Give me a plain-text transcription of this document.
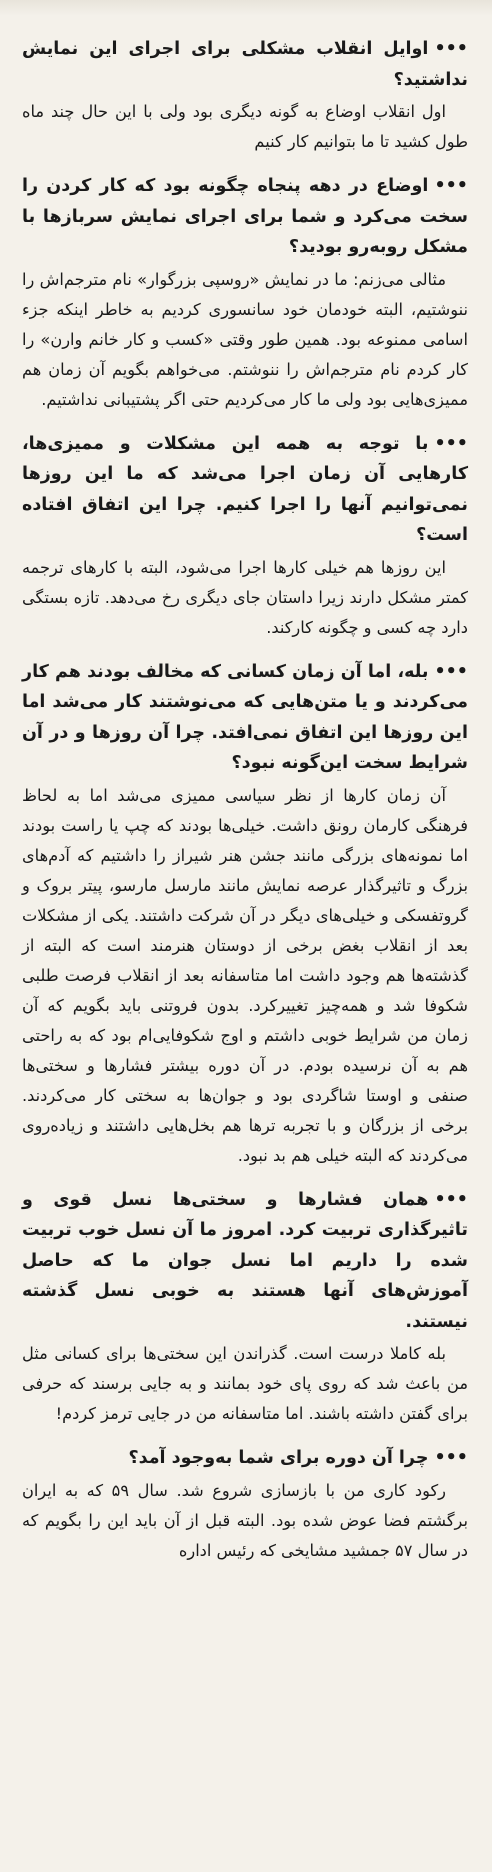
•••اوایل انقلاب مشکلی برای اجرای این نمایش نداشتید؟

اول انقلاب اوضاع به گونه دیگری بود ولی با این حال چند ماه طول کشید تا ما بتوانیم کار کنیم

•••اوضاع در دهه پنجاه چگونه بود که کار کردن را سخت می‌کرد و شما برای اجرای نمایش سربازها با مشکل روبه‌رو بودید؟

مثالی می‌زنم: ما در نمایش «روسپی بزرگوار» نام مترجم‌اش را ننوشتیم، البته خودمان خود سانسوری کردیم به خاطر اینکه جزء اسامی ممنوعه بود. همین طور وقتی «کسب و کار خانم وارن» را کار کردم نام مترجم‌اش را ننوشتم. می‌خواهم بگویم آن زمان هم ممیزی‌هایی بود ولی ما کار می‌کردیم حتی اگر پشتیبانی نداشتیم.

•••با توجه به همه این مشکلات و ممیزی‌ها، کارهایی آن زمان اجرا می‌شد که ما این روزها نمی‌توانیم آنها را اجرا کنیم. چرا این اتفاق افتاده است؟

این روزها هم خیلی کارها اجرا می‌شود، البته با کارهای ترجمه کمتر مشکل دارند زیرا داستان جای دیگری رخ می‌دهد. تازه بستگی دارد چه کسی و چگونه کارکند.

•••بله، اما آن زمان کسانی که مخالف بودند هم کار می‌کردند و یا متن‌هایی که می‌نوشتند کار می‌شد اما این روزها این اتفاق نمی‌افتد. چرا آن روزها و در آن شرایط سخت این‌گونه نبود؟

آن زمان کارها از نظر سیاسی ممیزی می‌شد اما به لحاظ فرهنگی کارمان رونق داشت. خیلی‌ها بودند که چپ یا راست بودند اما نمونه‌های بزرگی مانند جشن هنر شیراز را داشتیم که آدم‌های بزرگ و تاثیرگذار عرصه نمایش مانند مارسل مارسو، پیتر بروک و گروتفسکی و خیلی‌های دیگر در آن شرکت داشتند. یکی از مشکلات بعد از انقلاب بغض برخی از دوستان هنرمند است که البته از گذشته‌ها هم وجود داشت اما متاسفانه بعد از انقلاب فرصت طلبی شکوفا شد و همه‌چیز تغییرکرد. بدون فروتنی باید بگویم که آن زمان من شرایط خوبی داشتم و اوج شکوفایی‌ام بود که به راحتی هم به آن نرسیده بودم. در آن دوره بیشتر فشارها و سختی‌ها صنفی و اوستا شاگردی بود و جوان‌ها به سختی کار می‌کردند. برخی از بزرگان و با تجربه ترها هم بخل‌هایی داشتند و زیاده‌روی می‌کردند که البته خیلی هم بد نبود.

•••همان فشارها و سختی‌ها نسل قوی و تاثیرگذاری تربیت کرد. امروز ما آن نسل خوب تربیت شده را داریم اما نسل جوان ما که حاصل آموزش‌های آنها هستند به خوبی نسل گذشته نیستند.

بله کاملا درست است. گذراندن این سختی‌ها برای کسانی مثل من باعث شد که روی پای خود بمانند و به جایی برسند که حرفی برای گفتن داشته باشند. اما متاسفانه من در جایی ترمز کردم!

•••چرا آن دوره برای شما به‌وجود آمد؟

رکود کاری من با بازسازی شروع شد. سال ۵۹ که به ایران برگشتم فضا عوض شده بود. البته قبل از آن باید این را بگویم که در سال ۵۷ جمشید مشایخی که رئیس اداره
